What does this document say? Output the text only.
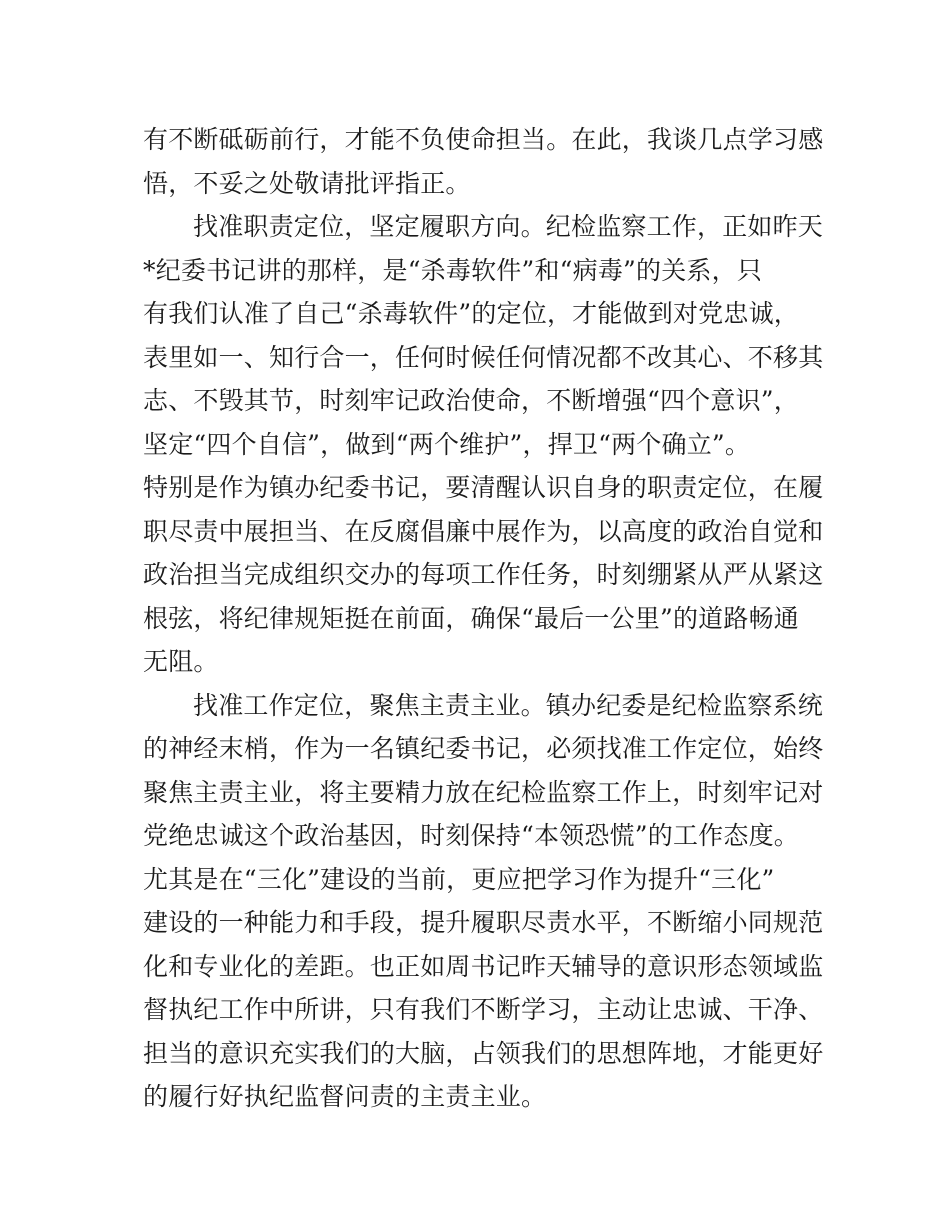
有不断砥砺前行，才能不负使命担当。在此，我谈几点学习感
悟，不妥之处敬请批评指正。
找准职责定位，坚定履职方向。纪检监察工作，正如昨天
*纪委书记讲的那样，是“杀毒软件”和“病毒”的关系，只
有我们认准了自己“杀毒软件”的定位，才能做到对党忠诚，
表里如一、知行合一，任何时候任何情况都不改其心、不移其
志、不毁其节，时刻牢记政治使命，不断增强“四个意识”，
坚定“四个自信”，做到“两个维护”，捍卫“两个确立”。
特别是作为镇办纪委书记，要清醒认识自身的职责定位，在履
职尽责中展担当、在反腐倡廉中展作为，以高度的政治自觉和
政治担当完成组织交办的每项工作任务，时刻绷紧从严从紧这
根弦，将纪律规矩挺在前面，确保“最后一公里”的道路畅通
无阻。
找准工作定位，聚焦主责主业。镇办纪委是纪检监察系统
的神经末梢，作为一名镇纪委书记，必须找准工作定位，始终
聚焦主责主业，将主要精力放在纪检监察工作上，时刻牢记对
党绝忠诚这个政治基因，时刻保持“本领恐慌”的工作态度。
尤其是在“三化”建设的当前，更应把学习作为提升“三化”
建设的一种能力和手段，提升履职尽责水平，不断缩小同规范
化和专业化的差距。也正如周书记昨天辅导的意识形态领域监
督执纪工作中所讲，只有我们不断学习，主动让忠诚、干净、
担当的意识充实我们的大脑，占领我们的思想阵地，才能更好
的履行好执纪监督问责的主责主业。
